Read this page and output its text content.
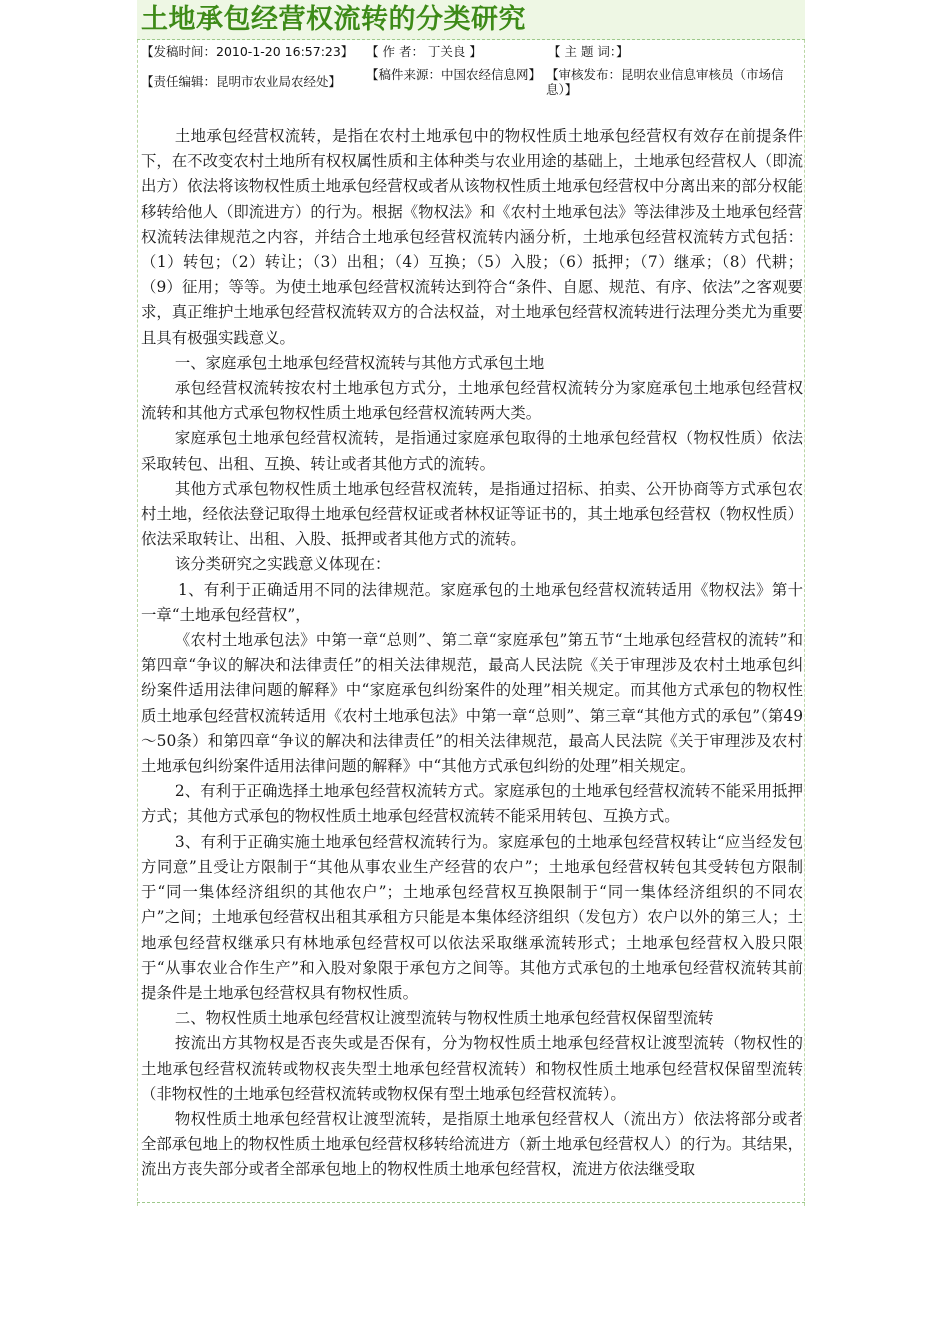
土地承包经营权流转的分类研究
【发稿时间：2010-1-20 16:57:23】 【 作 者： 丁关良 】	【 主 题 词：】
【责任编辑：昆明市农业局农经处】 【稿件来源：中国农经信息网】 【审核发布：昆明农业信息审核员（市场信息）】

土地承包经营权流转，是指在农村土地承包中的物权性质土地承包经营权有效存在前提条件下，在不改变农村土地所有权权属性质和主体种类与农业用途的基础上，土地承包经营权人（即流出方）依法将该物权性质土地承包经营权或者从该物权性质土地承包经营权中分离出来的部分权能移转给他人（即流进方）的行为。根据《物权法》和《农村土地承包法》等法律涉及土地承包经营权流转法律规范之内容，并结合土地承包经营权流转内涵分析，土地承包经营权流转方式包括：（1）转包；（2）转让；（3）出租；（4）互换；（5）入股；（6）抵押；（7）继承；（8）代耕；（9）征用；等等。为使土地承包经营权流转达到符合“条件、自愿、规范、有序、依法”之客观要求，真正维护土地承包经营权流转双方的合法权益，对土地承包经营权流转进行法理分类尤为重要且具有极强实践意义。

一、家庭承包土地承包经营权流转与其他方式承包土地

承包经营权流转按农村土地承包方式分，土地承包经营权流转分为家庭承包土地承包经营权流转和其他方式承包物权性质土地承包经营权流转两大类。

家庭承包土地承包经营权流转，是指通过家庭承包取得的土地承包经营权（物权性质）依法采取转包、出租、互换、转让或者其他方式的流转。

其他方式承包物权性质土地承包经营权流转，是指通过招标、拍卖、公开协商等方式承包农村土地，经依法登记取得土地承包经营权证或者林权证等证书的，其土地承包经营权（物权性质）依法采取转让、出租、入股、抵押或者其他方式的流转。

该分类研究之实践意义体现在：

1、有利于正确适用不同的法律规范。家庭承包的土地承包经营权流转适用《物权法》第十一章“土地承包经营权”，

《农村土地承包法》中第一章“总则”、第二章“家庭承包”第五节“土地承包经营权的流转”和第四章“争议的解决和法律责任”的相关法律规范，最高人民法院《关于审理涉及农村土地承包纠纷案件适用法律问题的解释》中“家庭承包纠纷案件的处理”相关规定。而其他方式承包的物权性质土地承包经营权流转适用《农村土地承包法》中第一章“总则”、第三章“其他方式的承包”（第49～50条）和第四章“争议的解决和法律责任”的相关法律规范，最高人民法院《关于审理涉及农村土地承包纠纷案件适用法律问题的解释》中“其他方式承包纠纷的处理”相关规定。

2、有利于正确选择土地承包经营权流转方式。家庭承包的土地承包经营权流转不能采用抵押方式；其他方式承包的物权性质土地承包经营权流转不能采用转包、互换方式。

3、有利于正确实施土地承包经营权流转行为。家庭承包的土地承包经营权转让“应当经发包方同意”且受让方限制于“其他从事农业生产经营的农户”；土地承包经营权转包其受转包方限制于“同一集体经济组织的其他农户”；土地承包经营权互换限制于“同一集体经济组织的不同农户”之间；土地承包经营权出租其承租方只能是本集体经济组织（发包方）农户以外的第三人；土地承包经营权继承只有林地承包经营权可以依法采取继承流转形式；土地承包经营权入股只限于“从事农业合作生产”和入股对象限于承包方之间等。其他方式承包的土地承包经营权流转其前提条件是土地承包经营权具有物权性质。

二、物权性质土地承包经营权让渡型流转与物权性质土地承包经营权保留型流转

按流出方其物权是否丧失或是否保有，分为物权性质土地承包经营权让渡型流转（物权性的土地承包经营权流转或物权丧失型土地承包经营权流转）和物权性质土地承包经营权保留型流转（非物权性的土地承包经营权流转或物权保有型土地承包经营权流转）。

物权性质土地承包经营权让渡型流转，是指原土地承包经营权人（流出方）依法将部分或者全部承包地上的物权性质土地承包经营权移转给流进方（新土地承包经营权人）的行为。其结果，流出方丧失部分或者全部承包地上的物权性质土地承包经营权，流进方依法继受取
